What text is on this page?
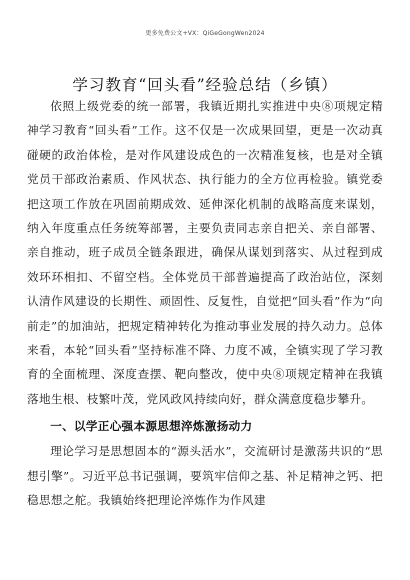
更多免费公文+VX：QiGeGongWen2024
学习教育“回头看”经验总结（乡镇）

依照上级党委的统一部署，我镇近期扎实推进中央⑧项规定精神学习教育“回头看”工作。这不仅是一次成果回望，更是一次动真碰硬的政治体检，是对作风建设成色的一次精准复核，也是对全镇党员干部政治素质、作风状态、执行能力的全方位再检验。镇党委把这项工作放在巩固前期成效、延伸深化机制的战略高度来谋划，纳入年度重点任务统筹部署，主要负责同志亲自把关、亲自部署、亲自推动，班子成员全链条跟进，确保从谋划到落实、从过程到成效环环相扣、不留空档。全体党员干部普遍提高了政治站位，深刻认清作风建设的长期性、顽固性、反复性，自觉把“回头看”作为“向前走”的加油站，把规定精神转化为推动事业发展的持久动力。总体来看，本轮“回头看”坚持标准不降、力度不减，全镇实现了学习教育的全面梳理、深度查摆、靶向整改，使中央⑧项规定精神在我镇落地生根、枝繁叶茂，党风政风持续向好，群众满意度稳步攀升。

一、以学正心强本源思想淬炼激扬动力

理论学习是思想固本的“源头活水”，交流研讨是激荡共识的“思想引擎”。习近平总书记强调，要筑牢信仰之基、补足精神之钙、把稳思想之舵。我镇始终把理论淬炼作为作风建
